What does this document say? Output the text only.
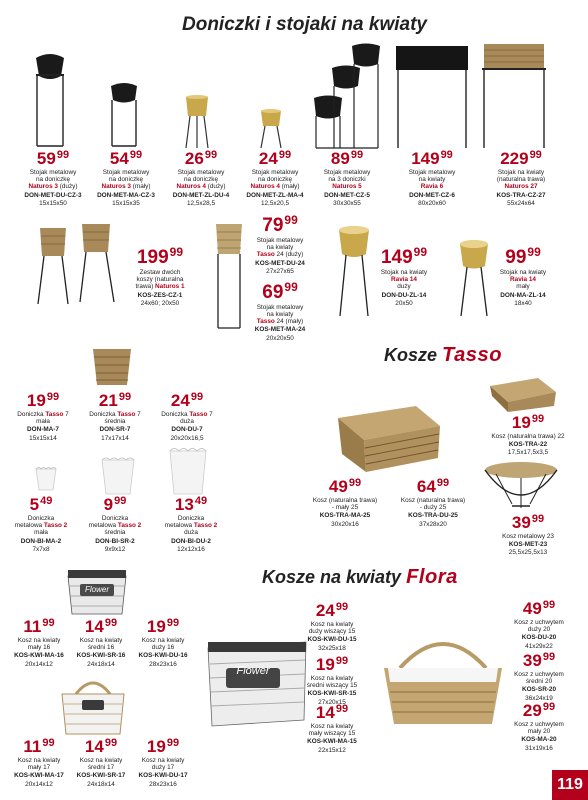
Doniczki i stojaki na kwiaty
Kosze Tasso
Kosze na kwiaty Flora
5999
Stojak metalowy
na doniczkę
Naturos 3 (duży)
DON-MET-DU-CZ-3
15x15x50
5499
Stojak metalowy
na doniczkę
Naturos 3 (mały)
DON-MET-MA-CZ-3
15x15x35
2699
Stojak metalowy
na doniczkę
Naturos 4 (duży)
DON-MET-ZL-DU-4
12,5x28,5
2499
Stojak metalowy
na doniczkę
Naturos 4 (mały)
DON-MET-ZL-MA-4
12,5x20,5
8999
Stojak metalowy
na 3 doniczki
Naturos 5
DON-MET-CZ-5
30x30x55
14999
Stojak metalowy
na kwiaty
Ravia 6
DON-MET-CZ-6
80x20x60
22999
Stojak na kwiaty
(naturalna trawa)
Naturos 27
KOS-TRA-CZ-27
55x24x64
19999
Zestaw dwóch
koszy (naturalna
trawa) Naturos 1
KOS-ZES-CZ-1
24x60; 20x50
7999
Stojak metalowy
na kwiaty
Tasso 24 (duży)
KOS-MET-DU-24
27x27x65
6999
Stojak metalowy
na kwiaty
Tasso 24 (mały)
KOS-MET-MA-24
20x20x50
14999
Stojak na kwiaty
Ravia 14
duży
DON-DU-ZL-14
20x50
9999
Stojak na kwiaty
Ravia 14
mały
DON-MA-ZL-14
18x40
1999
Doniczka Tasso 7
mała
DON-MA-7
15x15x14
2199
Doniczka Tasso 7
średnia
DON-SR-7
17x17x14
2499
Doniczka Tasso 7
duża
DON-DU-7
20x20x16,5
549
Doniczka
metalowa Tasso 2
mała
DON-BI-MA-2
7x7x8
999
Doniczka
metalowa Tasso 2
średnia
DON-BI-SR-2
9x9x12
1349
Doniczka
metalowa Tasso 2
duża
DON-BI-DU-2
12x12x16
1999
Kosz (naturalna trawa) 22
KOS-TRA-22
17,5x17,5x3,5
4999
Kosz (naturalna trawa)
- mały 25
KOS-TRA-MA-25
30x20x16
6499
Kosz (naturalna trawa)
- duży 25
KOS-TRA-DU-25
37x28x20	3999
Kosz metalowy 23
KOS-MET-23
25,5x25,5x13
Flower
Flower
1199
Kosz na kwiaty
mały 16
KOS-KWI-MA-16
20x14x12
1499
Kosz na kwiaty
średni 16
KOS-KWI-SR-16
24x18x14
1999
Kosz na kwiaty
duży 16
KOS-KWI-DU-16
28x23x16
1199
Kosz na kwiaty
mały 17
KOS-KWI-MA-17
20x14x12
1499
Kosz na kwiaty
średni 17
KOS-KWI-SR-17
24x18x14
1999
Kosz na kwiaty
duży 17
KOS-KWI-DU-17
28x23x16
2499
Kosz na kwiaty
duży wiszący 15
KOS-KWI-DU-15
32x25x18
1999
Kosz na kwiaty
średni wiszący 15
KOS-KWI-SR-15
27x20x15
1499
Kosz na kwiaty
mały wiszący 15
KOS-KWI-MA-15
22x15x12
4999
Kosz z uchwytem
duży 20
KOS-DU-20
41x29x22
3999
Kosz z uchwytem
średni 20
KOS-SR-20
36x24x19
2999
Kosz z uchwytem
mały 20
KOS-MA-20
31x19x16
119
